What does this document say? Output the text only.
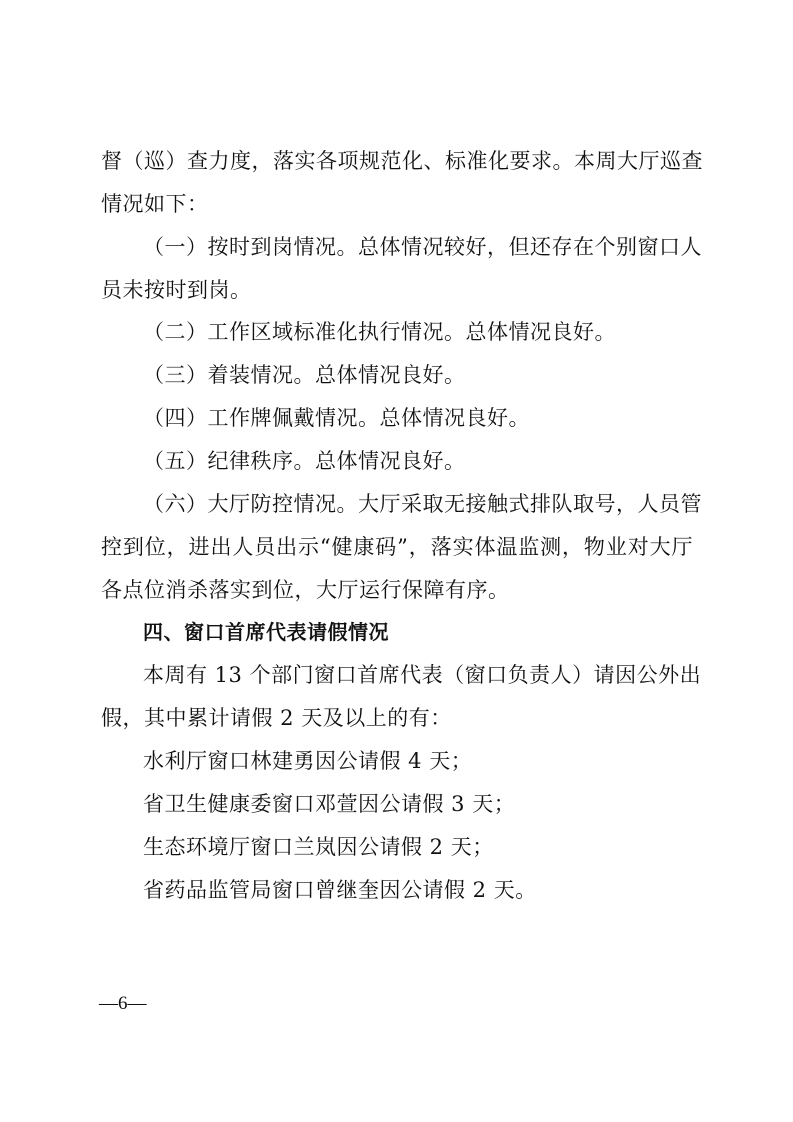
督（巡）查力度，落实各项规范化、标准化要求。本周大厅巡查
情况如下：
（一）按时到岗情况。总体情况较好，但还存在个别窗口人
员未按时到岗。
（二）工作区域标准化执行情况。总体情况良好。
（三）着装情况。总体情况良好。
（四）工作牌佩戴情况。总体情况良好。
（五）纪律秩序。总体情况良好。
（六）大厅防控情况。大厅采取无接触式排队取号，人员管
控到位，进出人员出示“健康码”，落实体温监测，物业对大厅
各点位消杀落实到位，大厅运行保障有序。
四、窗口首席代表请假情况
本周有 13 个部门窗口首席代表（窗口负责人）请因公外出
假，其中累计请假 2 天及以上的有：
水利厅窗口林建勇因公请假 4 天；
省卫生健康委窗口邓萱因公请假 3 天；
生态环境厅窗口兰岚因公请假 2 天；
省药品监管局窗口曾继奎因公请假 2 天。
—6—
